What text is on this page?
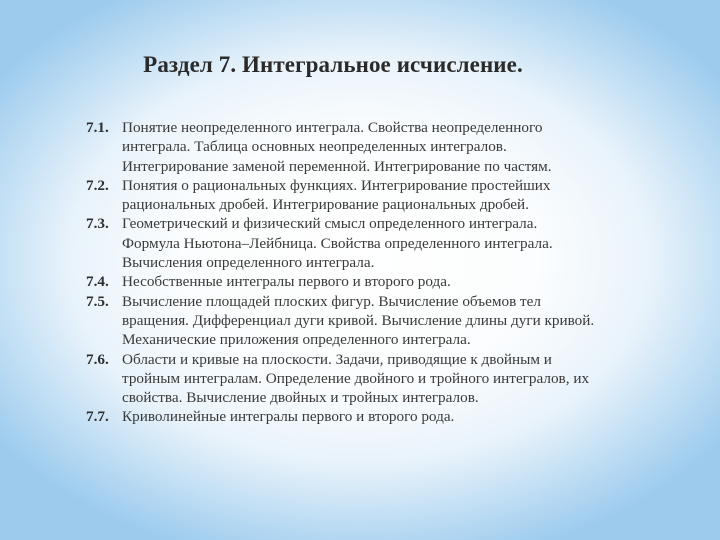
Раздел 7. Интегральное исчисление.
7.1. Понятие неопределенного интеграла. Свойства неопределенного
интеграла. Таблица основных неопределенных интегралов.
Интегрирование заменой переменной. Интегрирование по частям.
7.2. Понятия о рациональных функциях. Интегрирование простейших
рациональных дробей. Интегрирование рациональных дробей.
7.3. Геометрический и физический смысл определенного интеграла.
Формула Ньютона–Лейбница. Свойства определенного интеграла.
Вычисления определенного интеграла.
7.4. Несобственные интегралы первого и второго рода.
7.5. Вычисление площадей плоских фигур. Вычисление объемов тел
вращения. Дифференциал дуги кривой. Вычисление длины дуги кривой.
Механические приложения определенного интеграла.
7.6. Области и кривые на плоскости. Задачи, приводящие к двойным и
тройным интегралам. Определение двойного и тройного интегралов, их
свойства. Вычисление двойных и тройных интегралов.
7.7. Криволинейные интегралы первого и второго рода.
